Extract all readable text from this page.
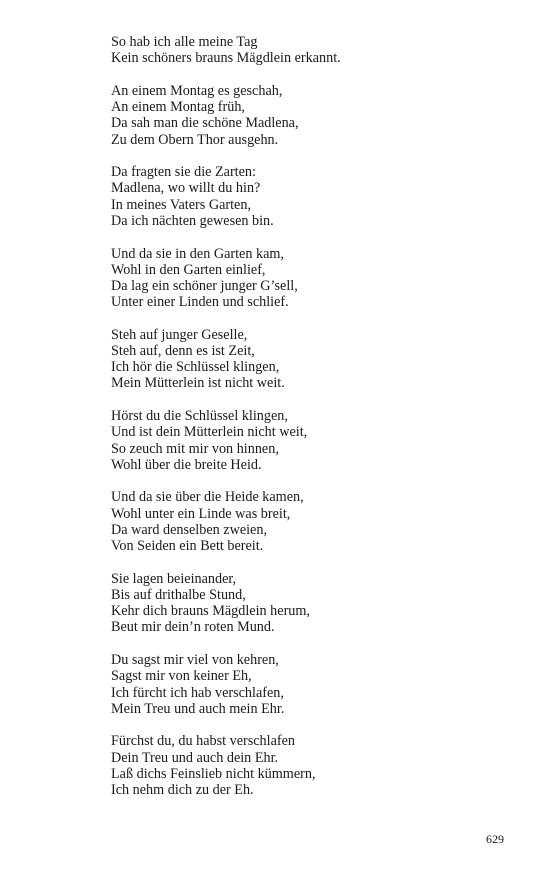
So hab ich alle meine Tag
Kein schöners brauns Mägdlein erkannt.
An einem Montag es geschah,
An einem Montag früh,
Da sah man die schöne Madlena,
Zu dem Obern Thor ausgehn.
Da fragten sie die Zarten:
Madlena, wo willt du hin?
In meines Vaters Garten,
Da ich nächten gewesen bin.
Und da sie in den Garten kam,
Wohl in den Garten einlief,
Da lag ein schöner junger G’sell,
Unter einer Linden und schlief.
Steh auf junger Geselle,
Steh auf, denn es ist Zeit,
Ich hör die Schlüssel klingen,
Mein Mütterlein ist nicht weit.
Hörst du die Schlüssel klingen,
Und ist dein Mütterlein nicht weit,
So zeuch mit mir von hinnen,
Wohl über die breite Heid.
Und da sie über die Heide kamen,
Wohl unter ein Linde was breit,
Da ward denselben zweien,
Von Seiden ein Bett bereit.
Sie lagen beieinander,
Bis auf drithalbe Stund,
Kehr dich brauns Mägdlein herum,
Beut mir dein’n roten Mund.
Du sagst mir viel von kehren,
Sagst mir von keiner Eh,
Ich fürcht ich hab verschlafen,
Mein Treu und auch mein Ehr.
Fürchst du, du habst verschlafen
Dein Treu und auch dein Ehr.
Laß dichs Feinslieb nicht kümmern,
Ich nehm dich zu der Eh.
629
